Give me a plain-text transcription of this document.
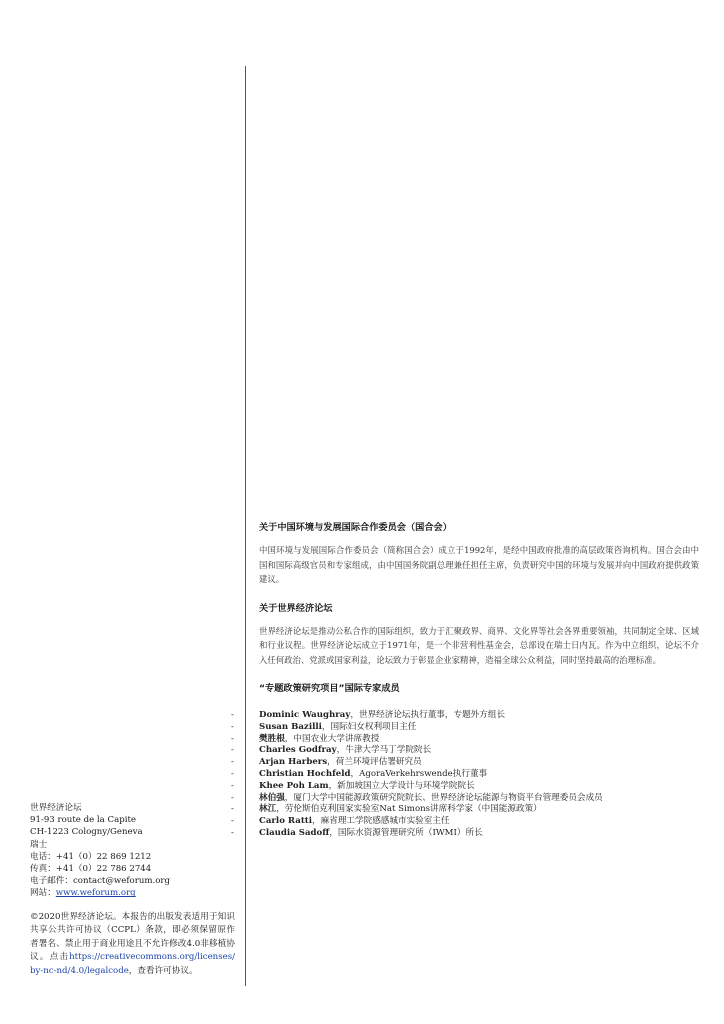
世界经济论坛
91-93 route de la Capite
CH-1223 Cologny/Geneva
瑞士
电话：+41（0）22 869 1212
传真：+41（0）22 786 2744
电子邮件：contact@weforum.org
网站：www.weforum.org
©2020世界经济论坛。本报告的出版发表适用于知识共享公共许可协议（CCPL）条款，即必须保留原作者署名、禁止用于商业用途且不允许修改4.0非移植协议。点击https://creativecommons.org/licenses/by-nc-nd/4.0/legalcode，查看许可协议。
关于中国环境与发展国际合作委员会（国合会）

中国环境与发展国际合作委员会（简称国合会）成立于1992年，是经中国政府批准的高层政策咨询机构。国合会由中国和国际高级官员和专家组成，由中国国务院副总理兼任担任主席，负责研究中国的环境与发展并向中国政府提供政策建议。

关于世界经济论坛

世界经济论坛是推动公私合作的国际组织，致力于汇聚政界、商界、文化界等社会各界重要领袖，共同制定全球、区域和行业议程。世界经济论坛成立于1971年，是一个非营利性基金会，总部设在瑞士日内瓦。作为中立组织，论坛不介入任何政治、党派或国家利益，论坛致力于彰显企业家精神，造福全球公众利益，同时坚持最高的治理标准。

“专题政策研究项目”国际专家成员
-	Dominic Waughray，世界经济论坛执行董事，专题外方组长
-	Susan Bazilli，国际妇女权利项目主任
-	樊胜根，中国农业大学讲席教授
-	Charles Godfray，牛津大学马丁学院院长
-	Arjan Harbers，荷兰环境评估署研究员
-	Christian Hochfeld，AgoraVerkehrswende执行董事
-	Khee Poh Lam，新加坡国立大学设计与环境学院院长
-	林伯强，厦门大学中国能源政策研究院院长、世界经济论坛能源与物资平台管理委员会成员
-	林江，劳伦斯伯克利国家实验室Nat Simons讲席科学家（中国能源政策）
-	Carlo Ratti，麻省理工学院感感城市实验室主任
-	Claudia Sadoff，国际水资源管理研究所（IWMI）所长
